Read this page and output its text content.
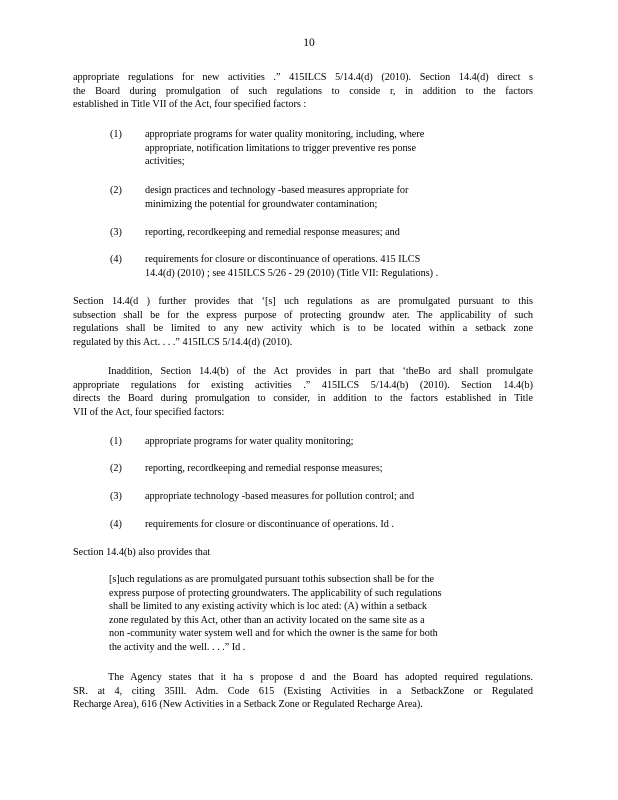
10
appropriate regulations for new activities .” 415ILCS 5/14.4(d) (2010). Section 14.4(d) direct s
the Board during promulgation of such regulations to conside r, in addition to the factors
established in Title VII of the Act, four specified factors :
(1) appropriate programs for water quality monitoring, including, where
appropriate, notification limitations to trigger preventive res ponse
activities;
(2) design practices and technology -based measures appropriate for
minimizing the potential for groundwater contamination;
(3) reporting, recordkeeping and remedial response measures; and
(4) requirements for closure or discontinuance of operations. 415 ILCS
14.4(d) (2010) ; see 415ILCS 5/26 - 29 (2010) (Title VII: Regulations) .
Section 14.4(d ) further provides that ‘[s] uch regulations as are promulgated pursuant to this
subsection shall be for the express purpose of protecting groundw ater. The applicability of such
regulations shall be limited to any new activity which is to be located within a setback zone
regulated by this Act. . . .” 415ILCS 5/14.4(d) (2010).
Inaddition, Section 14.4(b) of the Act provides in part that ‘theBo ard shall promulgate
appropriate regulations for existing activities .” 415ILCS 5/14.4(b) (2010). Section 14.4(b)
directs the Board during promulgation to consider, in addition to the factors established in Title
VII of the Act, four specified factors:
(1) appropriate programs for water quality monitoring;
(2) reporting, recordkeeping and remedial response measures;
(3) appropriate technology -based measures for pollution control; and
(4) requirements for closure or discontinuance of operations. Id .
Section 14.4(b) also provides that
[s]uch regulations as are promulgated pursuant tothis subsection shall be for the
express purpose of protecting groundwaters. The applicability of such regulations
shall be limited to any existing activity which is loc ated: (A) within a setback
zone regulated by this Act, other than an activity located on the same site as a
non -community water system well and for which the owner is the same for both
the activity and the well. . . .” Id .
The Agency states that it ha s propose d and the Board has adopted required regulations.
SR. at 4, citing 35Ill. Adm. Code 615 (Existing Activities in a SetbackZone or Regulated
Recharge Area), 616 (New Activities in a Setback Zone or Regulated Recharge Area).
